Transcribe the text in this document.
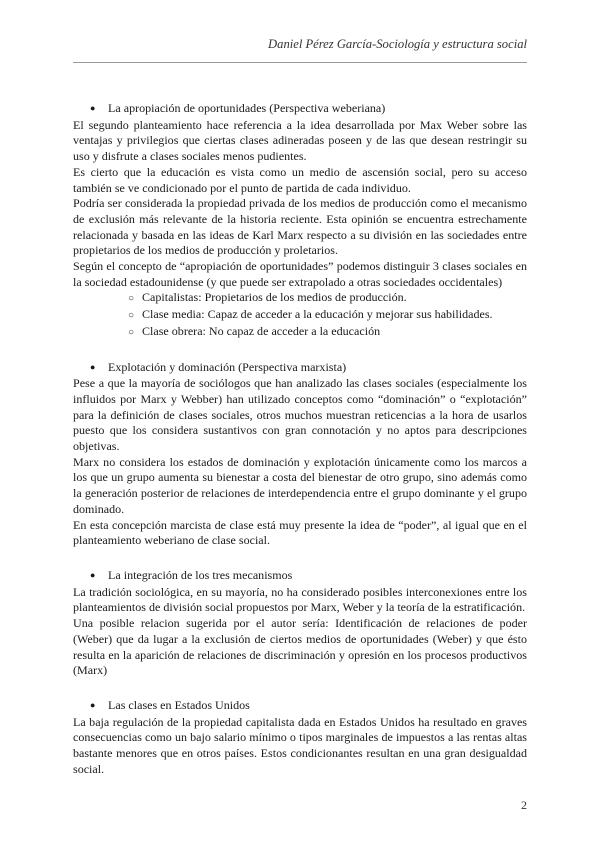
Daniel Pérez García-Sociología y estructura social
●
La apropiación de oportunidades (Perspectiva weberiana)

El segundo planteamiento hace referencia a la idea desarrollada por Max Weber sobre las ventajas y privilegios que ciertas clases adineradas poseen y de las que desean restringir su uso y disfrute a clases sociales menos pudientes.

Es cierto que la educación es vista como un medio de ascensión social, pero su acceso también se ve condicionado por el punto de partida de cada individuo.

Podría ser considerada la propiedad privada de los medios de producción como el mecanismo de exclusión más relevante de la historia reciente. Esta opinión se encuentra estrechamente relacionada y basada en las ideas de Karl Marx respecto a su división en las sociedades entre propietarios de los medios de producción y proletarios.

Según el concepto de “apropiación de oportunidades” podemos distinguir 3 clases sociales en la sociedad estadounidense (y que puede ser extrapolado a otras sociedades occidentales)

○
Capitalistas: Propietarios de los medios de producción.
○
Clase media: Capaz de acceder a la educación y mejorar sus habilidades.
○
Clase obrera: No capaz de acceder a la educación
●
Explotación y dominación (Perspectiva marxista)

Pese a que la mayoría de sociólogos que han analizado las clases sociales (especialmente los influidos por Marx y Webber) han utilizado conceptos como “dominación” o “explotación” para la definición de clases sociales, otros muchos muestran reticencias a la hora de usarlos puesto que los considera sustantivos con gran connotación y no aptos para descripciones objetivas.

Marx no considera los estados de dominación y explotación únicamente como los marcos a los que un grupo aumenta su bienestar a costa del bienestar de otro grupo, sino además como la generación posterior de relaciones de interdependencia entre el grupo dominante y el grupo dominado.

En esta concepción marcista de clase está muy presente la idea de “poder”, al igual que en el planteamiento weberiano de clase social.

●
La integración de los tres mecanismos

La tradición sociológica, en su mayoría, no ha considerado posibles interconexiones entre los planteamientos de división social propuestos por Marx, Weber y la teoría de la estratificación.

Una posible relacion sugerida por el autor sería: Identificación de relaciones de poder (Weber) que da lugar a la exclusión de ciertos medios de oportunidades (Weber) y que ésto resulta en la aparición de relaciones de discriminación y opresión en los procesos productivos (Marx)

●
Las clases en Estados Unidos

La baja regulación de la propiedad capitalista dada en Estados Unidos ha resultado en graves consecuencias como un bajo salario mínimo o tipos marginales de impuestos a las rentas altas bastante menores que en otros países. Estos condicionantes resultan en una gran desigualdad social.

2
